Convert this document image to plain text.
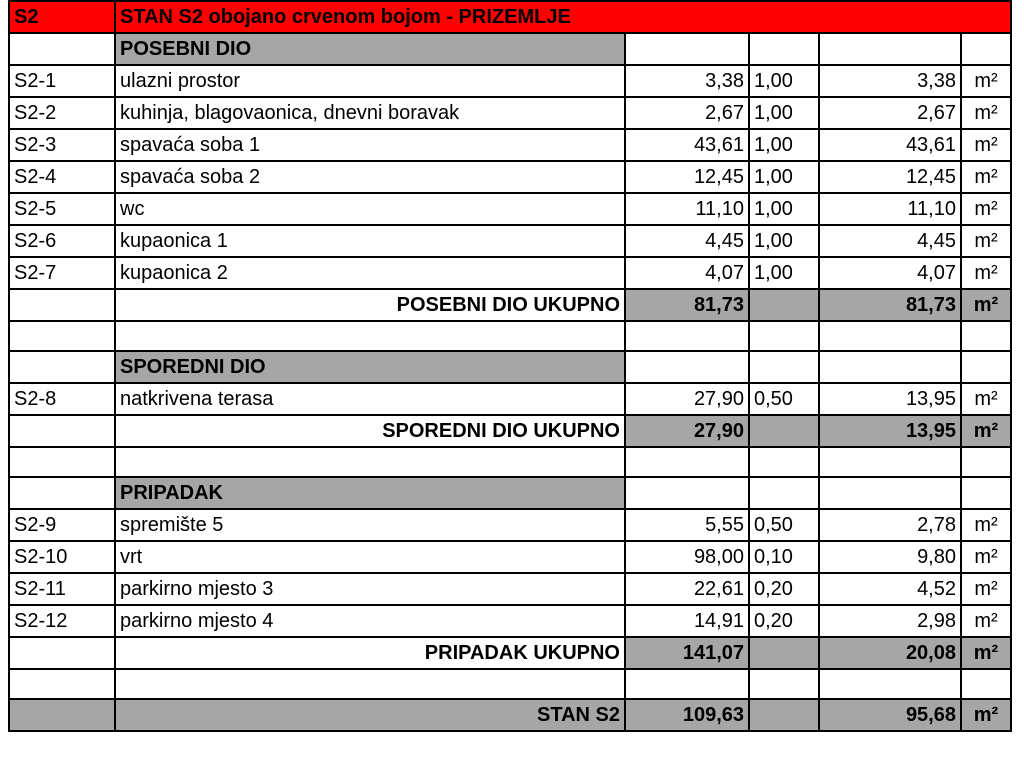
S2	STAN S2 obojano crvenom bojom - PRIZEMLJE				
	POSEBNI DIO				
S2-1	ulazni prostor	3,38	1,00	3,38	m²
S2-2	kuhinja, blagovaonica, dnevni boravak	2,67	1,00	2,67	m²
S2-3	spavaća soba 1	43,61	1,00	43,61	m²
S2-4	spavaća soba 2	12,45	1,00	12,45	m²
S2-5	wc	11,10	1,00	11,10	m²
S2-6	kupaonica 1	4,45	1,00	4,45	m²
S2-7	kupaonica 2	4,07	1,00	4,07	m²
	POSEBNI DIO UKUPNO	81,73		81,73	m²

	SPOREDNI DIO				
S2-8	natkrivena terasa	27,90	0,50	13,95	m²
	SPOREDNI DIO UKUPNO	27,90		13,95	m²

	PRIPADAK				
S2-9	spremište 5	5,55	0,50	2,78	m²
S2-10	vrt	98,00	0,10	9,80	m²
S2-11	parkirno mjesto 3	22,61	0,20	4,52	m²
S2-12	parkirno mjesto 4	14,91	0,20	2,98	m²
	PRIPADAK UKUPNO	141,07		20,08	m²

	STAN S2	109,63		95,68	m²
